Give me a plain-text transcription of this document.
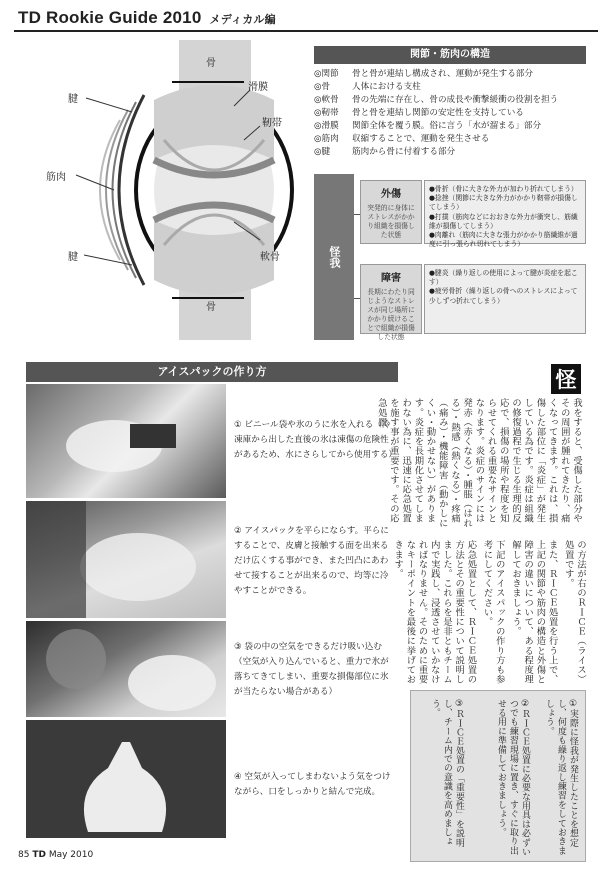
TD Rookie Guide 2010 メディカル編
骨
骨
滑膜
靭帯
腱
筋肉
腱	軟骨
関節・筋肉の構造
◎関節	骨と骨が連結し構成され、運動が発生する部分
◎骨	人体における支柱
◎軟骨	骨の先端に存在し、骨の成長や衝撃緩衝の役割を担う
◎靭帯	骨と骨を連結し関節の安定性を支持している
◎滑膜	関節全体を覆う膜。俗に言う「水が溜まる」部分
◎筋肉	収縮することで、運動を発生させる
◎腱	筋肉から骨に付着する部分
怪我
外傷
突発的に身体にストレスがかかり組織を損傷した状態
●骨折（骨に大きな外力が加わり折れてしまう）
●捻挫（関節に大きな外力がかかり靭帯が損傷してしまう）
●打撲（筋肉などにおおきな外力が衝突し、筋繊維が損傷してしまう）
●肉離れ（筋肉に大きな張力がかかり筋繊維が過度に引っ張られ切れてしまう）
障害
長期にわたり同じようなストレスが同じ場所にかかり続けることで組織が損傷した状態
●腱炎（繰り返しの使用によって腱が炎症を起こす）
●疲労骨折（繰り返しの骨へのストレスによって少しずつ折れてしまう）
アイスパックの作り方
① ビニール袋や氷のうに氷を入れる（冷凍庫から出した直後の氷は凍傷の危険性があるため、水にさらしてから使用する）
② アイスパックを平らにならす。平らにすることで、皮膚と接触する面を出来るだけ広くする事ができ、また凹凸にあわせて接することが出来るので、均等に冷やすことができる。
③ 袋の中の空気をできるだけ吸い込む（空気が入り込んでいると、重力で氷が落ちてきてしまい、重要な損傷部位に氷が当たらない場合がある）
④ 空気が入ってしまわないよう気をつけながら、口をしっかりと結んで完成。
怪
我をすると、受傷した部分やその周囲が腫れてきたり、痛くなってきます。これは、損傷した部位に「炎症」が発生している為です。炎症は組織の修復過程で生じる生理的反応で、損傷の場所や程度を知らせてくれる重要なサインとなります。炎症のサインには発赤（赤くなる）・腫脹（はれる）・熱感（熱くなる）・疼痛（痛み）・機能障害（動かしにくい・動かせない）があります。炎症を長期化させてしまわない為に、迅速に応急処置を施す事が重要です。その応急処置
①実際に怪我が発生したことを想定し、何度も繰り返し練習をしておきましょう。
②ＲＩＣＥ処置に必要な用具は必ずいつでも練習現場に置き、すぐに取り出せる用に準備しておきましょう。
③ＲＩＣＥ処置の「重要性」を説明し、チーム内での意識を高めましょう。
85 TD May 2010
の方法が右のＲＩＣＥ（ライス）処置です。
また、ＲＩＣＥ処置を行う上で、上記の関節や筋肉の構造と外傷と障害の違いについて、ある程度理解しておきましょう。
下記のアイスパックの作り方も参考にしてください。
応急処置として、ＲＩＣＥ処置の方法とその重要性について説明しました。これらを是非ともチーム内で実践し、浸透させていかなければなりません。そのために重要なキーポイントを最後に挙げておきます。
